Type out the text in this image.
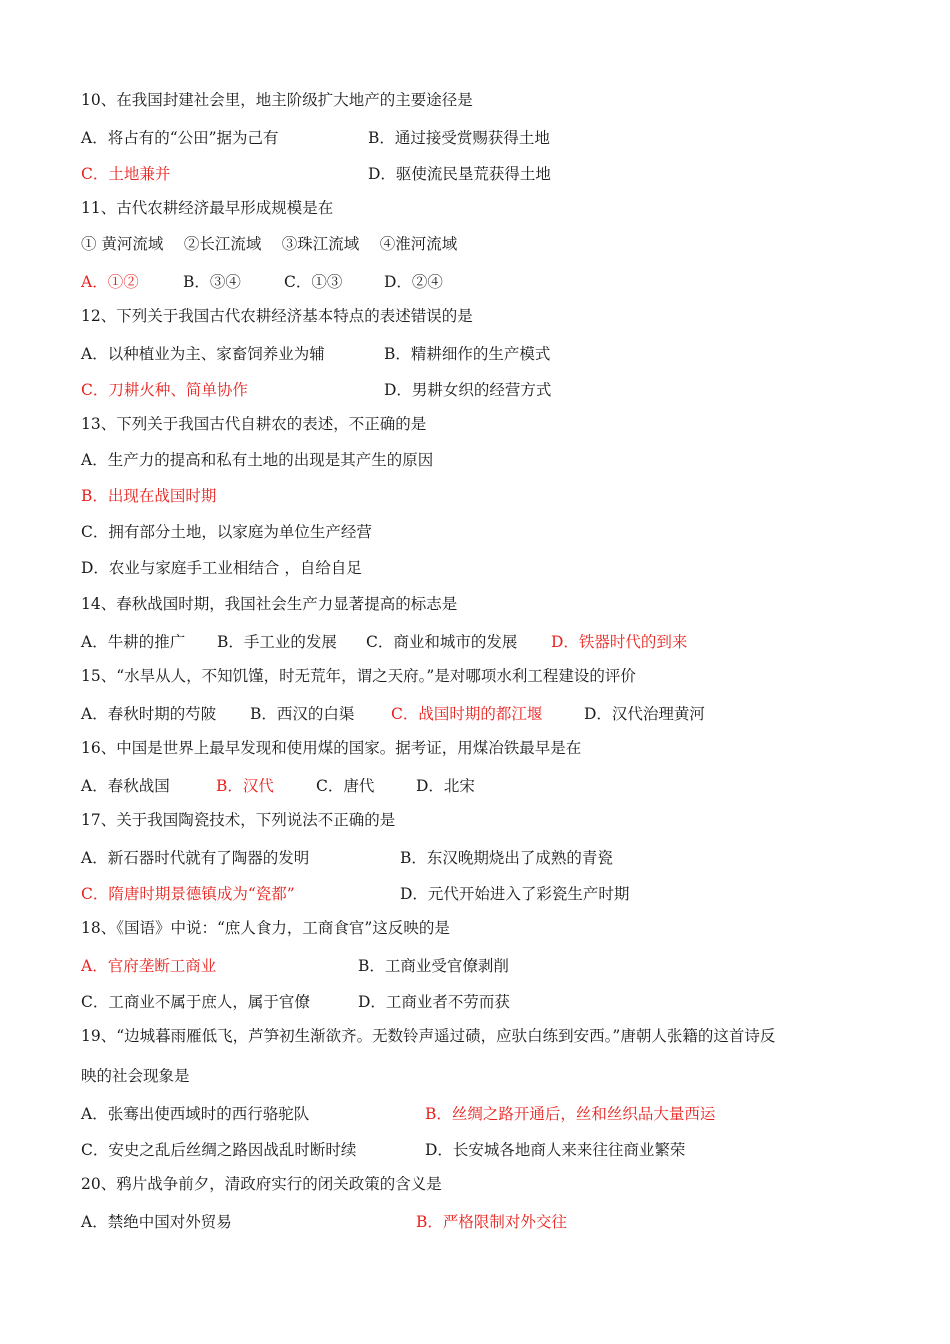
10、在我国封建社会里，地主阶级扩大地产的主要途径是
A．将占有的“公田”据为己有	B．通过接受赏赐获得土地
C．土地兼并	D．驱使流民垦荒获得土地
11、古代农耕经济最早形成规模是在
① 黄河流域　 ②长江流域　 ③珠江流域　 ④淮河流域
A．①②	B．③④	C．①③	D．②④
12、下列关于我国古代农耕经济基本特点的表述错误的是
A．以种植业为主、家畜饲养业为辅	B．精耕细作的生产模式
C．刀耕火种、简单协作	D．男耕女织的经营方式
13、下列关于我国古代自耕农的表述，不正确的是
A．生产力的提高和私有土地的出现是其产生的原因
B．出现在战国时期
C．拥有部分土地，以家庭为单位生产经营
D．农业与家庭手工业相结合 ，自给自足
14、春秋战国时期，我国社会生产力显著提高的标志是
A．牛耕的推广 B．手工业的发展 C．商业和城市的发展 D．铁器时代的到来
15、“水旱从人，不知饥馑，时无荒年，谓之天府。”是对哪项水利工程建设的评价
A．春秋时期的芍陂 B．西汉的白渠 C．战国时期的都江堰	D．汉代治理黄河
16、中国是世界上最早发现和使用煤的国家。据考证，用煤冶铁最早是在
A．春秋战国	B．汉代	C．唐代	D．北宋
17、关于我国陶瓷技术，下列说法不正确的是
A．新石器时代就有了陶器的发明	B．东汉晚期烧出了成熟的青瓷
C．隋唐时期景德镇成为“瓷都”	D．元代开始进入了彩瓷生产时期
18、《国语》中说：“庶人食力，工商食官”这反映的是
A．官府垄断工商业	B．工商业受官僚剥削
C．工商业不属于庶人，属于官僚	D．工商业者不劳而获
19、“边城暮雨雁低飞，芦笋初生渐欲齐。无数铃声遥过碛，应驮白练到安西。”唐朝人张籍的这首诗反
映的社会现象是
A．张骞出使西域时的西行骆驼队	B．丝绸之路开通后，丝和丝织品大量西运
C．安史之乱后丝绸之路因战乱时断时续	D．长安城各地商人来来往往商业繁荣
20、鸦片战争前夕，清政府实行的闭关政策的含义是
A．禁绝中国对外贸易	B．严格限制对外交往
